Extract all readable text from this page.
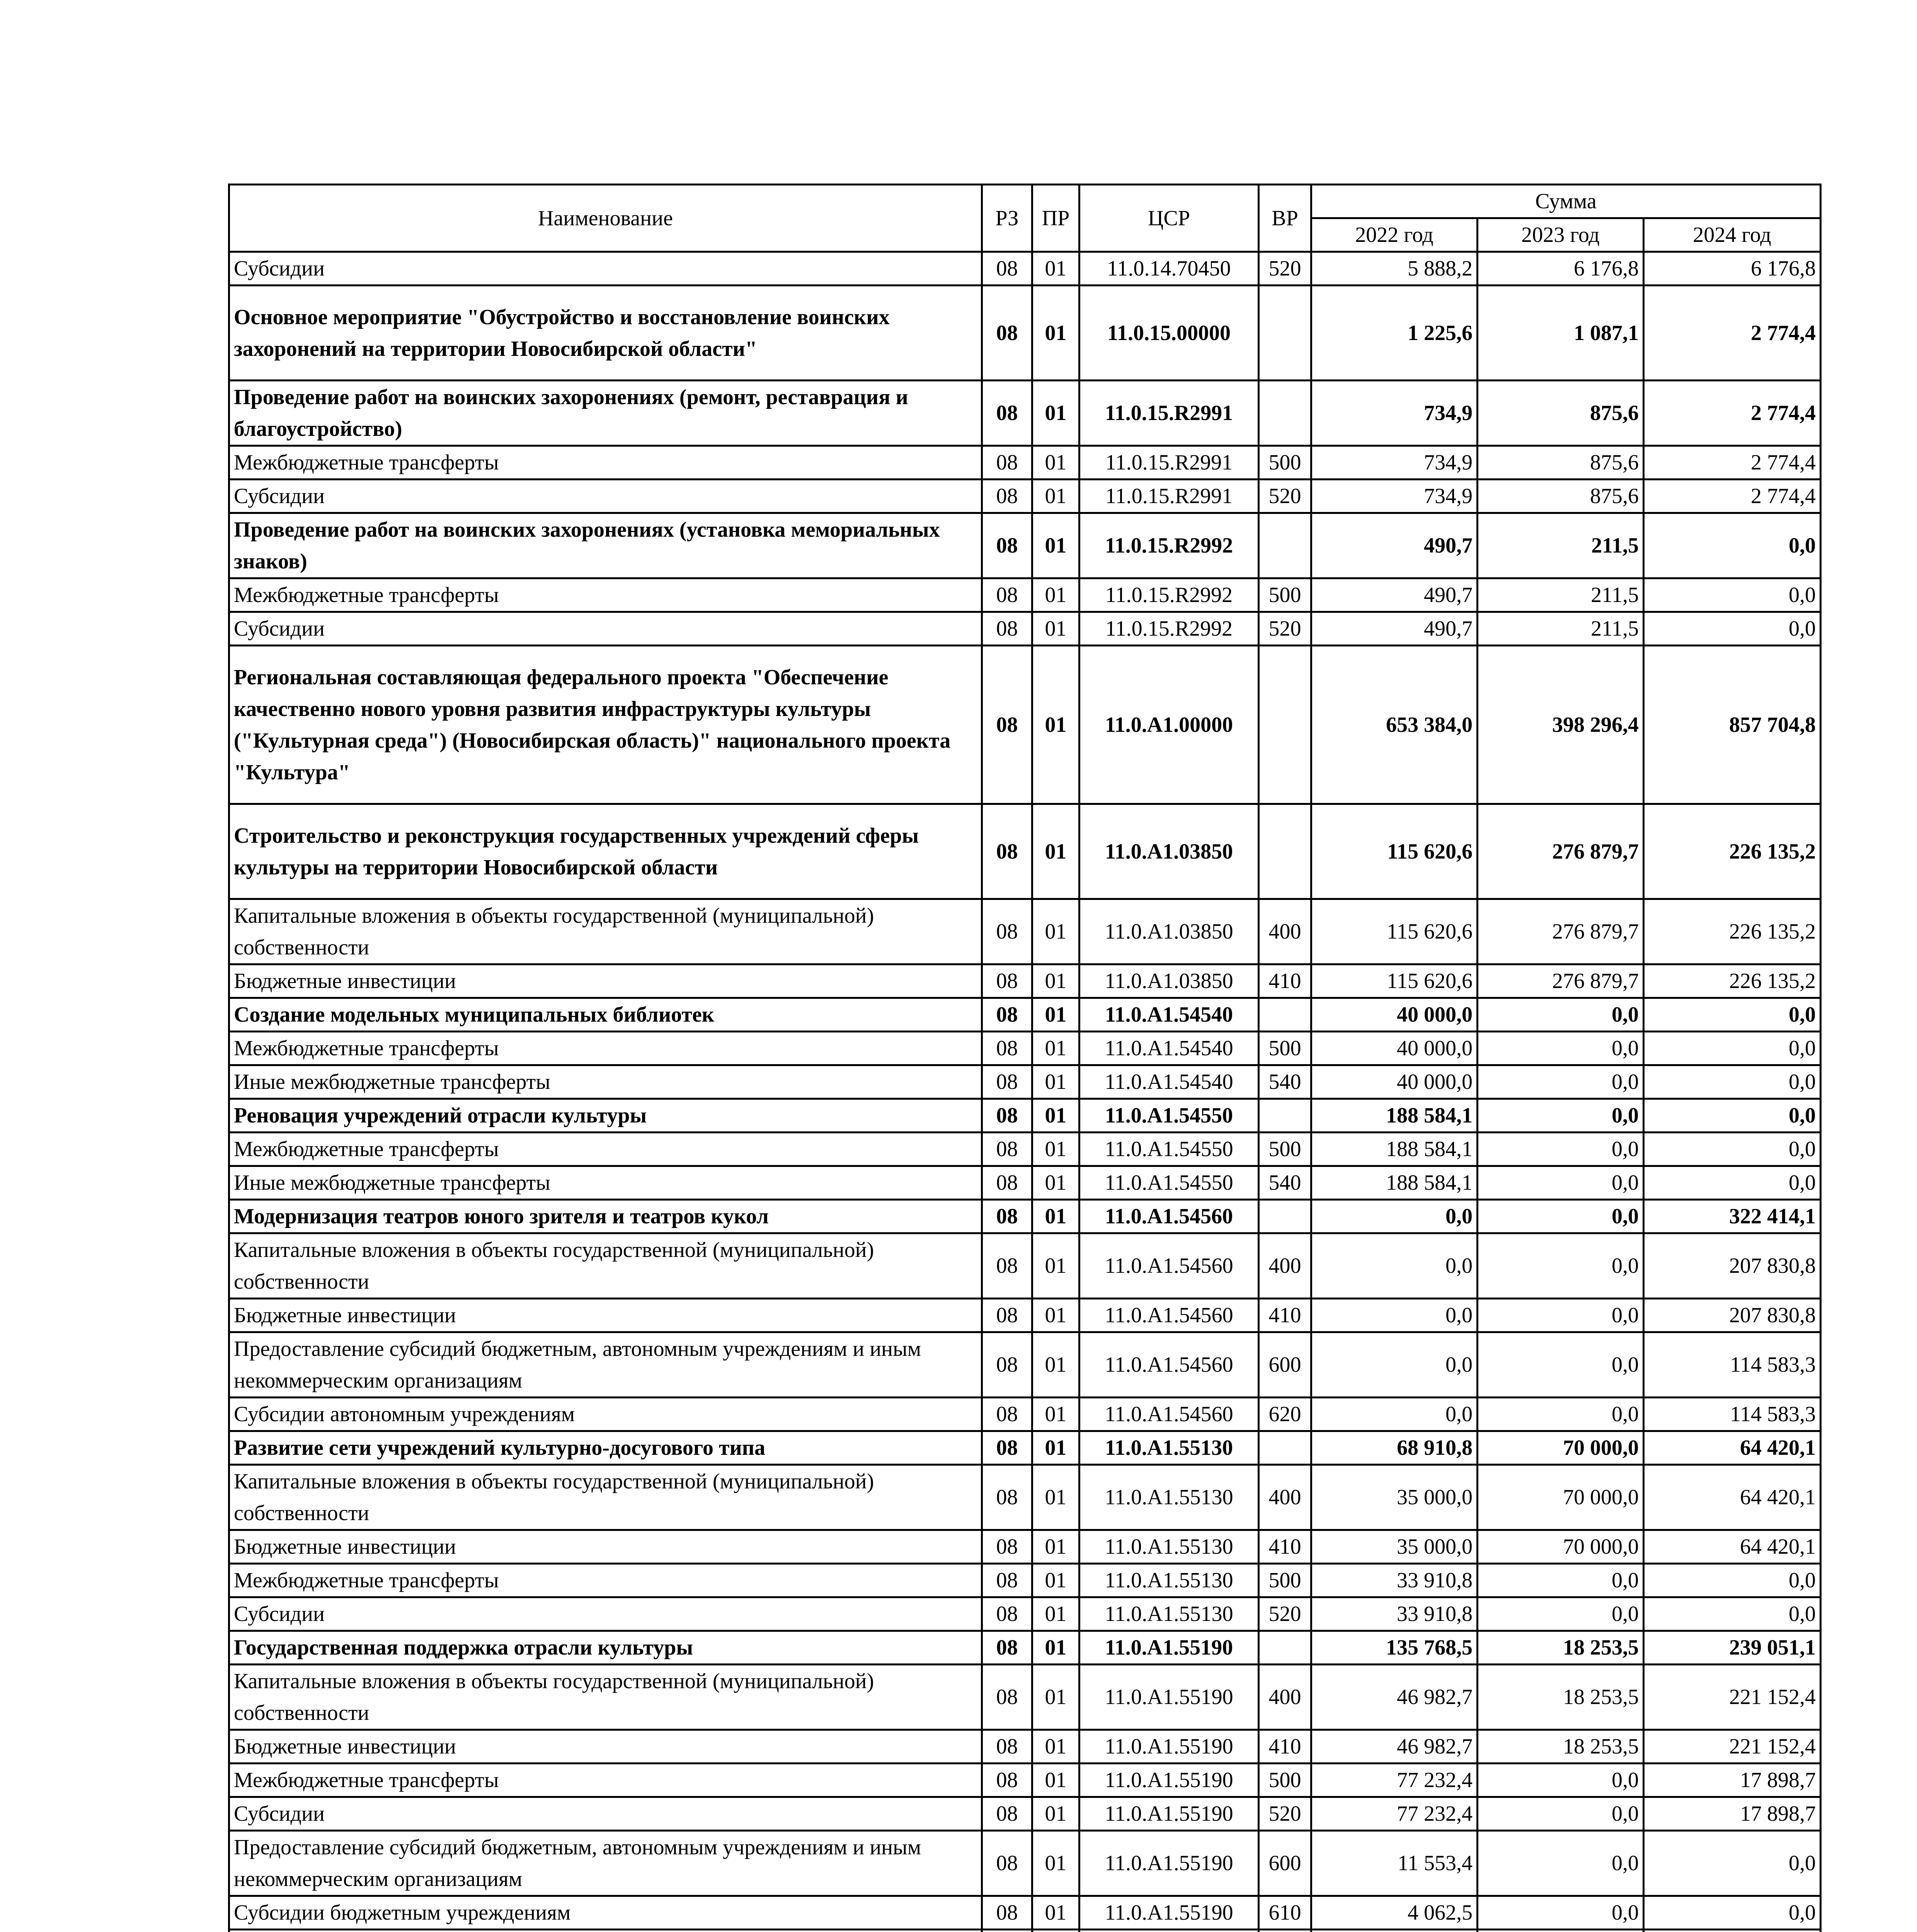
Наименование	РЗ	ПР	ЦСР	ВР	Сумма		
					2022 год	2023 год	2024 год
Субсидии	08	01	11.0.14.70450	520	5 888,2	6 176,8	6 176,8
Основное мероприятие "Обустройство и восстановление воинских захоронений на территории Новосибирской области"	08	01	11.0.15.00000		1 225,6	1 087,1	2 774,4
Проведение работ на воинских захоронениях (ремонт, реставрация и благоустройство)	08	01	11.0.15.R2991		734,9	875,6	2 774,4
Межбюджетные трансферты	08	01	11.0.15.R2991	500	734,9	875,6	2 774,4
Субсидии	08	01	11.0.15.R2991	520	734,9	875,6	2 774,4
Проведение работ на воинских захоронениях (установка мемориальных знаков)	08	01	11.0.15.R2992		490,7	211,5	0,0
Межбюджетные трансферты	08	01	11.0.15.R2992	500	490,7	211,5	0,0
Субсидии	08	01	11.0.15.R2992	520	490,7	211,5	0,0
Региональная составляющая федерального проекта "Обеспечение качественно нового уровня развития инфраструктуры культуры ("Культурная среда") (Новосибирская область)" национального проекта "Культура"	08	01	11.0.A1.00000		653 384,0	398 296,4	857 704,8
Строительство и реконструкция государственных учреждений сферы культуры на территории Новосибирской области	08	01	11.0.A1.03850		115 620,6	276 879,7	226 135,2
Капитальные вложения в объекты государственной (муниципальной) собственности	08	01	11.0.A1.03850	400	115 620,6	276 879,7	226 135,2
Бюджетные инвестиции	08	01	11.0.A1.03850	410	115 620,6	276 879,7	226 135,2
Создание модельных муниципальных библиотек	08	01	11.0.A1.54540		40 000,0	0,0	0,0
Межбюджетные трансферты	08	01	11.0.A1.54540	500	40 000,0	0,0	0,0
Иные межбюджетные трансферты	08	01	11.0.A1.54540	540	40 000,0	0,0	0,0
Реновация учреждений отрасли культуры	08	01	11.0.A1.54550		188 584,1	0,0	0,0
Межбюджетные трансферты	08	01	11.0.A1.54550	500	188 584,1	0,0	0,0
Иные межбюджетные трансферты	08	01	11.0.A1.54550	540	188 584,1	0,0	0,0
Модернизация театров юного зрителя и театров кукол	08	01	11.0.A1.54560		0,0	0,0	322 414,1
Капитальные вложения в объекты государственной (муниципальной) собственности	08	01	11.0.A1.54560	400	0,0	0,0	207 830,8
Бюджетные инвестиции	08	01	11.0.A1.54560	410	0,0	0,0	207 830,8
Предоставление субсидий бюджетным, автономным учреждениям и иным некоммерческим организациям	08	01	11.0.A1.54560	600	0,0	0,0	114 583,3
Субсидии автономным учреждениям	08	01	11.0.A1.54560	620	0,0	0,0	114 583,3
Развитие сети учреждений культурно-досугового типа	08	01	11.0.A1.55130		68 910,8	70 000,0	64 420,1
Капитальные вложения в объекты государственной (муниципальной) собственности	08	01	11.0.A1.55130	400	35 000,0	70 000,0	64 420,1
Бюджетные инвестиции	08	01	11.0.A1.55130	410	35 000,0	70 000,0	64 420,1
Межбюджетные трансферты	08	01	11.0.A1.55130	500	33 910,8	0,0	0,0
Субсидии	08	01	11.0.A1.55130	520	33 910,8	0,0	0,0
Государственная поддержка отрасли культуры	08	01	11.0.A1.55190		135 768,5	18 253,5	239 051,1
Капитальные вложения в объекты государственной (муниципальной) собственности	08	01	11.0.A1.55190	400	46 982,7	18 253,5	221 152,4
Бюджетные инвестиции	08	01	11.0.A1.55190	410	46 982,7	18 253,5	221 152,4
Межбюджетные трансферты	08	01	11.0.A1.55190	500	77 232,4	0,0	17 898,7
Субсидии	08	01	11.0.A1.55190	520	77 232,4	0,0	17 898,7
Предоставление субсидий бюджетным, автономным учреждениям и иным некоммерческим организациям	08	01	11.0.A1.55190	600	11 553,4	0,0	0,0
Субсидии бюджетным учреждениям	08	01	11.0.A1.55190	610	4 062,5	0,0	0,0
